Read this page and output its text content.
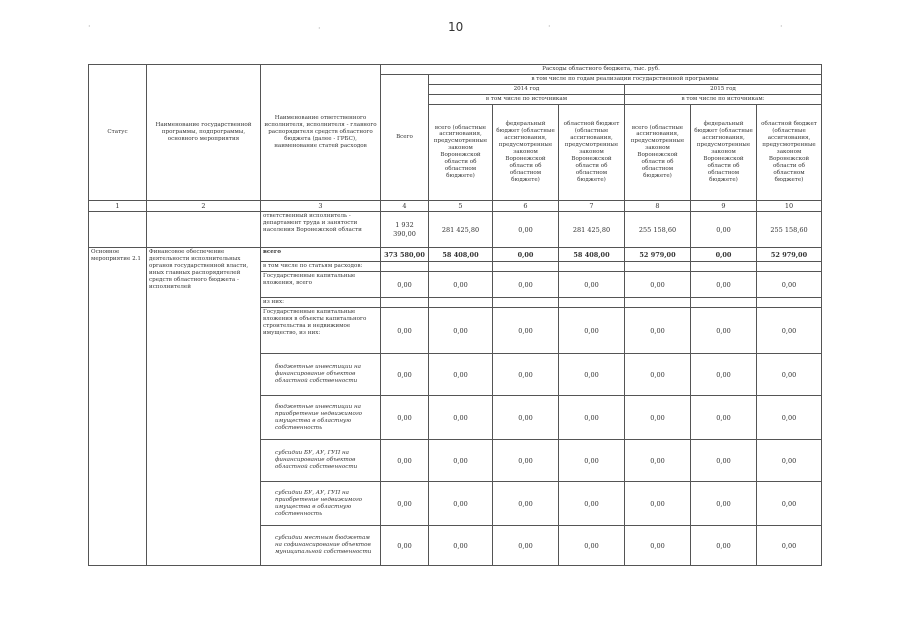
10
·	·	·	·
Статус	Наименование государственной программы, подпрограммы, основного мероприятия	Наименование ответственного исполнителя, исполнителя - главного распорядителя средств областного бюджета (далее - ГРБС), наименование статей расходов	Расходы областного бюджета, тыс. руб.						
			Всего	в том числе по годам реализации государственной программы					
				2014 год			2015 год		
				в том числе по источникам			в том числе по источникам:		
				всего (областные ассигнования, предусмотренные законом Воронежской области об областном бюджете)	федеральный бюджет (областные ассигнования, предусмотренные законом Воронежской области об областном бюджете)	областной бюджет (областные ассигнования, предусмотренные законом Воронежской области об областном бюджете)	всего (областные ассигнования, предусмотренные законом Воронежской области об областном бюджете)	федеральный бюджет (областные ассигнования, предусмотренные законом Воронежской области об областном бюджете)	областной бюджет (областные ассигнования, предусмотренные законом Воронежской области об областном бюджете)
1	2	3	4	5	6	7	8	9	10
		ответственный исполнитель - департамент труда и занятости населения Воронежской области	1 932 390,00	281 425,80	0,00	281 425,80	255 158,60	0,00	255 158,60
Основное мероприятие 2.1	Финансовое обеспечение деятельности исполнительных органов государственной власти, иных главных распорядителей средств областного бюджета - исполнителей	всего	373 580,00	58 408,00	0,00	58 408,00	52 979,00	0,00	52 979,00
		в том числе по статьям расходов:							
		Государственные капитальные вложения, всего	0,00	0,00	0,00	0,00	0,00	0,00	0,00
		из них:							
		Государственные капитальные вложения в объекты капитального строительства и недвижимое имущество, из них:	0,00	0,00	0,00	0,00	0,00	0,00	0,00
		бюджетные инвестиции на финансирование объектов областной собственности	0,00	0,00	0,00	0,00	0,00	0,00	0,00
		бюджетные инвестиции на приобретение недвижимого имущества в областную собственность	0,00	0,00	0,00	0,00	0,00	0,00	0,00
		субсидии БУ, АУ, ГУП на финансирование объектов областной собственности	0,00	0,00	0,00	0,00	0,00	0,00	0,00
		субсидии БУ, АУ, ГУП на приобретение недвижимого имущества в областную собственность	0,00	0,00	0,00	0,00	0,00	0,00	0,00
		субсидии местным бюджетам на софинансирование объектов муниципальной собственности	0,00	0,00	0,00	0,00	0,00	0,00	0,00
